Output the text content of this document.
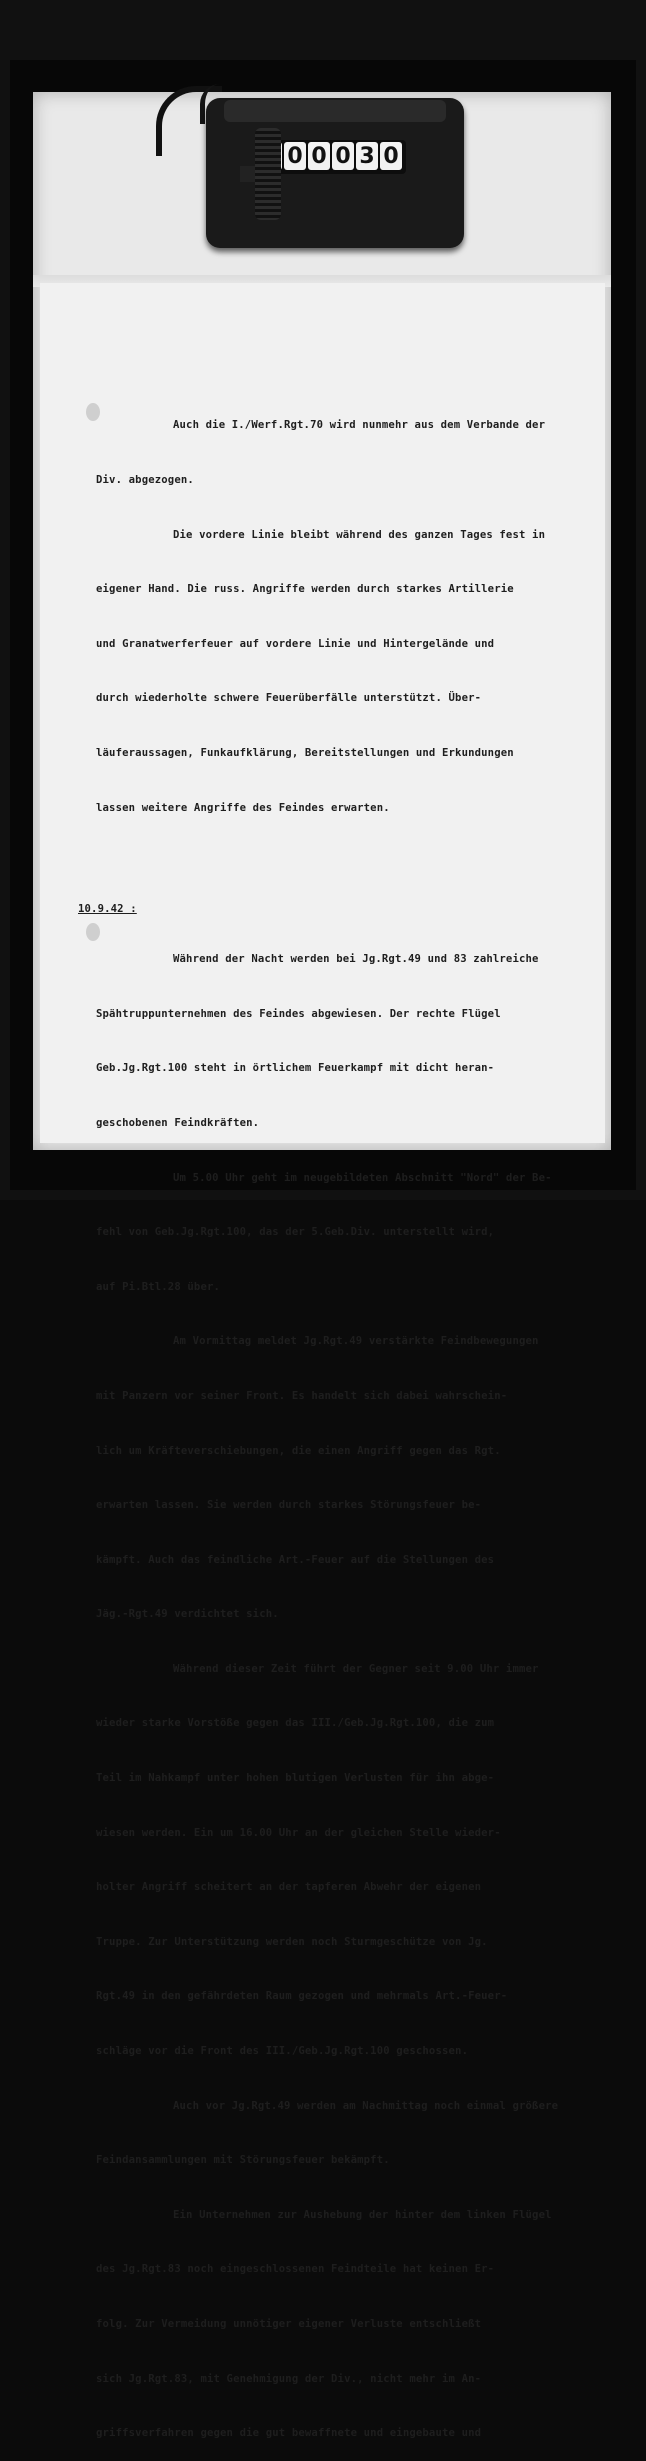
0 0 0 3 0

Auch die I./Werf.Rgt.70 wird nunmehr aus dem Verbande der

Div. abgezogen.

Die vordere Linie bleibt während des ganzen Tages fest in

eigener Hand. Die russ. Angriffe werden durch starkes Artillerie

und Granatwerferfeuer auf vordere Linie und Hintergelände und

durch wiederholte schwere Feuerüberfälle unterstützt. Über-

läuferaussagen, Funkaufklärung, Bereitstellungen und Erkundungen

lassen weitere Angriffe des Feindes erwarten.

10.9.42 :

Während der Nacht werden bei Jg.Rgt.49 und 83 zahlreiche

Spähtruppunternehmen des Feindes abgewiesen. Der rechte Flügel

Geb.Jg.Rgt.100 steht in örtlichem Feuerkampf mit dicht heran-

geschobenen Feindkräften.

Um 5.00 Uhr geht im neugebildeten Abschnitt "Nord" der Be-

fehl von Geb.Jg.Rgt.100, das der 5.Geb.Div. unterstellt wird,

auf Pi.Btl.28 über.

Am Vormittag meldet Jg.Rgt.49 verstärkte Feindbewegungen

mit Panzern vor seiner Front. Es handelt sich dabei wahrschein-

lich um Kräfteverschiebungen, die einen Angriff gegen das Rgt.

erwarten lassen. Sie werden durch starkes Störungsfeuer be-

kämpft. Auch das feindliche Art.-Feuer auf die Stellungen des

Jäg.-Rgt.49 verdichtet sich.

Während dieser Zeit führt der Gegner seit 9.00 Uhr immer

wieder starke Vorstöße gegen das III./Geb.Jg.Rgt.100, die zum

Teil im Nahkampf unter hohen blutigen Verlusten für ihn abge-

wiesen werden. Ein um 16.00 Uhr an der gleichen Stelle wieder-

holter Angriff scheitert an der tapferen Abwehr der eigenen

Truppe. Zur Unterstützung werden noch Sturmgeschütze von Jg.

Rgt.49 in den gefährdeten Raum gezogen und mehrmals Art.-Feuer-

schläge vor die Front des III./Geb.Jg.Rgt.100 geschossen.

Auch vor Jg.Rgt.49 werden am Nachmittag noch einmal größere

Feindansammlungen mit Störungsfeuer bekämpft.

Ein Unternehmen zur Aushebung der hinter dem linken Flügel

des Jg.Rgt.83 noch eingeschlossenen Feindteile hat keinen Er-

folg. Zur Vermeidung unnötiger eigener Verluste entschließt

sich Jg.Rgt.83, mit Genehmigung der Div., nicht mehr im An-

griffsverfahren gegen die gut bewaffnete und eingebaute und
